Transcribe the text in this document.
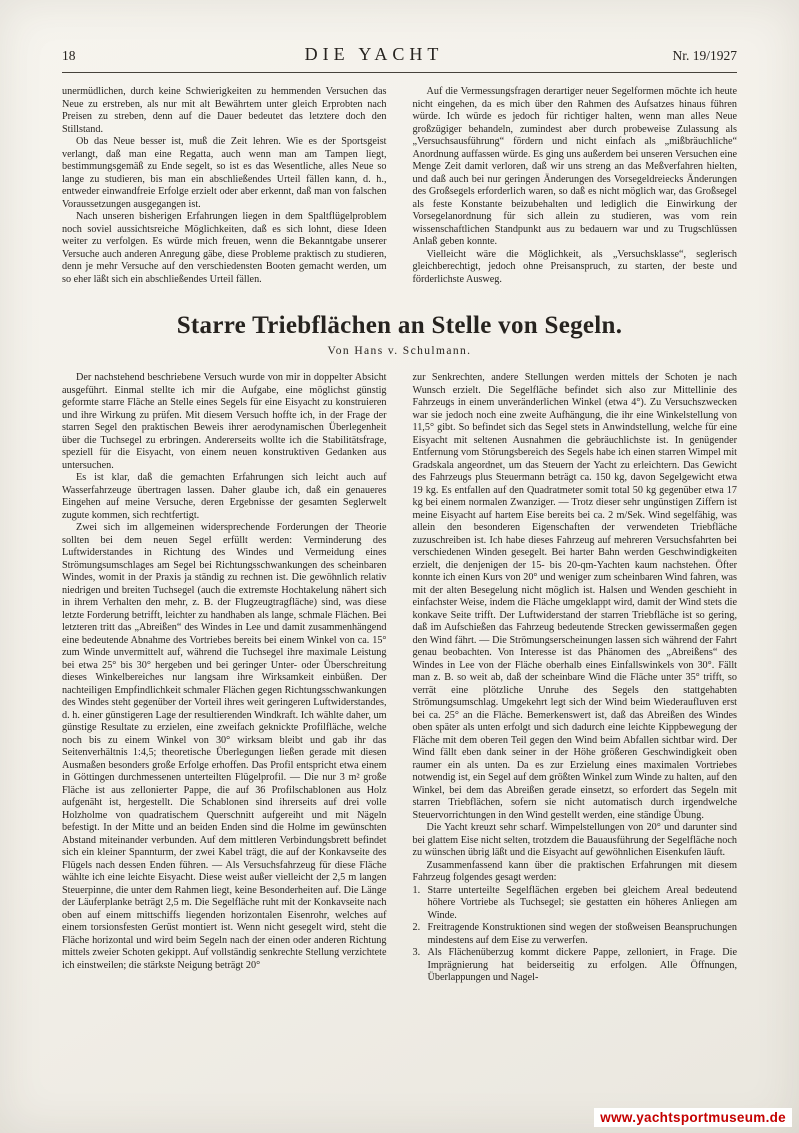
18	DIE YACHT	Nr. 19/1927

unermüdlichen, durch keine Schwierigkeiten zu hemmenden Versuchen das Neue zu erstreben, als nur mit alt Bewährtem unter gleich Erprobten nach Preisen zu streben, denn auf die Dauer bedeutet das letztere doch den Stillstand.

Ob das Neue besser ist, muß die Zeit lehren. Wie es der Sportsgeist verlangt, daß man eine Regatta, auch wenn man am Tampen liegt, bestimmungsgemäß zu Ende segelt, so ist es das Wesentliche, alles Neue so lange zu studieren, bis man ein abschließendes Urteil fällen kann, d. h., entweder einwandfreie Erfolge erzielt oder aber erkennt, daß man von falschen Voraussetzungen ausgegangen ist.

Nach unseren bisherigen Erfahrungen liegen in dem Spaltflügelproblem noch soviel aussichtsreiche Möglichkeiten, daß es sich lohnt, diese Ideen weiter zu verfolgen. Es würde mich freuen, wenn die Bekanntgabe unserer Versuche auch anderen Anregung gäbe, diese Probleme praktisch zu studieren, denn je mehr Versuche auf den verschiedensten Booten gemacht werden, um so eher läßt sich ein abschließendes Urteil fällen.

Auf die Vermessungsfragen derartiger neuer Segelformen möchte ich heute nicht eingehen, da es mich über den Rahmen des Aufsatzes hinaus führen würde. Ich würde es jedoch für richtiger halten, wenn man alles Neue großzügiger behandeln, zumindest aber durch probeweise Zulassung als „Versuchsausführung“ fördern und nicht einfach als „mißbräuchliche“ Anordnung auffassen würde. Es ging uns außerdem bei unseren Versuchen eine Menge Zeit damit verloren, daß wir uns streng an das Meßverfahren hielten, und daß auch bei nur geringen Änderungen des Vorsegeldreiecks Änderungen des Großsegels erforderlich waren, so daß es nicht möglich war, das Großsegel als feste Konstante beizubehalten und lediglich die Einwirkung der Vorsegelanordnung für sich allein zu studieren, was vom rein wissenschaftlichen Standpunkt aus zu bedauern war und zu Trugschlüssen Anlaß geben konnte.

Vielleicht wäre die Möglichkeit, als „Versuchsklasse“, seglerisch gleichberechtigt, jedoch ohne Preisanspruch, zu starten, der beste und förderlichste Ausweg.

Starre Triebflächen an Stelle von Segeln.
Von Hans v. Schulmann.

Der nachstehend beschriebene Versuch wurde von mir in doppelter Absicht ausgeführt. Einmal stellte ich mir die Aufgabe, eine möglichst günstig geformte starre Fläche an Stelle eines Segels für eine Eisyacht zu konstruieren und ihre Wirkung zu prüfen. Mit diesem Versuch hoffte ich, in der Frage der starren Segel den praktischen Beweis ihrer aerodynamischen Überlegenheit über die Tuchsegel zu erbringen. Andererseits wollte ich die Stabilitätsfrage, speziell für die Eisyacht, von einem neuen konstruktiven Gedanken aus untersuchen.

Es ist klar, daß die gemachten Erfahrungen sich leicht auch auf Wasserfahrzeuge übertragen lassen. Daher glaube ich, daß ein genaueres Eingehen auf meine Versuche, deren Ergebnisse der gesamten Seglerwelt zugute kommen, sich rechtfertigt.

Zwei sich im allgemeinen widersprechende Forderungen der Theorie sollten bei dem neuen Segel erfüllt werden: Verminderung des Luftwiderstandes in Richtung des Windes und Vermeidung eines Strömungsumschlages am Segel bei Richtungsschwankungen des scheinbaren Windes, womit in der Praxis ja ständig zu rechnen ist. Die gewöhnlich relativ niedrigen und breiten Tuchsegel (auch die extremste Hochtakelung nähert sich in ihrem Verhalten den mehr, z. B. der Flugzeugtragfläche) sind, was diese letzte Forderung betrifft, leichter zu handhaben als lange, schmale Flächen. Bei letzteren tritt das „Abreißen“ des Windes in Lee und damit zusammenhängend eine bedeutende Abnahme des Vortriebes bereits bei einem Winkel von ca. 15° zum Winde unvermittelt auf, während die Tuchsegel ihre maximale Leistung bei etwa 25° bis 30° hergeben und bei geringer Unter- oder Überschreitung dieses Winkelbereiches nur langsam ihre Wirksamkeit einbüßen. Der nachteiligen Empfindlichkeit schmaler Flächen gegen Richtungsschwankungen des Windes steht gegenüber der Vorteil ihres weit geringeren Luftwiderstandes, d. h. einer günstigeren Lage der resultierenden Windkraft. Ich wählte daher, um günstige Resultate zu erzielen, eine zweifach geknickte Profilfläche, welche noch bis zu einem Winkel von 30° wirksam bleibt und gab ihr das Seitenverhältnis 1:4,5; theoretische Überlegungen ließen gerade mit diesen Ausmaßen besonders große Erfolge erhoffen. Das Profil entspricht etwa einem in Göttingen durchmessenen unterteilten Flügelprofil. — Die nur 3 m² große Fläche ist aus zellonierter Pappe, die auf 36 Profilschablonen aus Holz aufgenäht ist, hergestellt. Die Schablonen sind ihrerseits auf drei volle Holzholme von quadratischem Querschnitt aufgereiht und mit Nägeln befestigt. In der Mitte und an beiden Enden sind die Holme im gewünschten Abstand miteinander verbunden. Auf dem mittleren Verbindungsbrett befindet sich ein kleiner Spannturm, der zwei Kabel trägt, die auf der Konkavseite des Flügels nach dessen Enden führen. — Als Versuchsfahrzeug für diese Fläche wählte ich eine leichte Eisyacht. Diese weist außer vielleicht der 2,5 m langen Steuerpinne, die unter dem Rahmen liegt, keine Besonderheiten auf. Die Länge der Läuferplanke beträgt 2,5 m. Die Segelfläche ruht mit der Konkavseite nach oben auf einem mittschiffs liegenden horizontalen Eisenrohr, welches auf einem torsionsfesten Gerüst montiert ist. Wenn nicht gesegelt wird, steht die Fläche horizontal und wird beim Segeln nach der einen oder anderen Richtung mittels zweier Schoten gekippt. Auf vollständig senkrechte Stellung verzichtete ich einstweilen; die stärkste Neigung beträgt 20°

zur Senkrechten, andere Stellungen werden mittels der Schoten je nach Wunsch erzielt. Die Segelfläche befindet sich also zur Mittellinie des Fahrzeugs in einem unveränderlichen Winkel (etwa 4°). Zu Versuchszwecken war sie jedoch noch eine zweite Aufhängung, die ihr eine Winkelstellung von 11,5° gibt. So befindet sich das Segel stets in Anwindstellung, welche für eine Eisyacht mit seltenen Ausnahmen die gebräuchlichste ist. In genügender Entfernung vom Störungsbereich des Segels habe ich einen starren Wimpel mit Gradskala angeordnet, um das Steuern der Yacht zu erleichtern. Das Gewicht des Fahrzeugs plus Steuermann beträgt ca. 150 kg, davon Segelgewicht etwa 19 kg. Es entfallen auf den Quadratmeter somit total 50 kg gegenüber etwa 17 kg bei einem normalen Zwanziger. — Trotz dieser sehr ungünstigen Ziffern ist meine Eisyacht auf hartem Eise bereits bei ca. 2 m/Sek. Wind segelfähig, was allein den besonderen Eigenschaften der verwendeten Triebfläche zuzuschreiben ist. Ich habe dieses Fahrzeug auf mehreren Versuchsfahrten bei verschiedenen Winden gesegelt. Bei harter Bahn werden Geschwindigkeiten erzielt, die denjenigen der 15- bis 20-qm-Yachten kaum nachstehen. Öfter konnte ich einen Kurs von 20° und weniger zum scheinbaren Wind fahren, was mit der alten Besegelung nicht möglich ist. Halsen und Wenden geschieht in einfachster Weise, indem die Fläche umgeklappt wird, damit der Wind stets die konkave Seite trifft. Der Luftwiderstand der starren Triebfläche ist so gering, daß im Aufschießen das Fahrzeug bedeutende Strecken gewissermaßen gegen den Wind fährt. — Die Strömungserscheinungen lassen sich während der Fahrt genau beobachten. Von Interesse ist das Phänomen des „Abreißens“ des Windes in Lee von der Fläche oberhalb eines Einfallswinkels von 30°. Fällt man z. B. so weit ab, daß der scheinbare Wind die Fläche unter 35° trifft, so verrät eine plötzliche Unruhe des Segels den stattgehabten Strömungsumschlag. Umgekehrt legt sich der Wind beim Wiederaufluven erst bei ca. 25° an die Fläche. Bemerkenswert ist, daß das Abreißen des Windes oben später als unten erfolgt und sich dadurch eine leichte Kippbewegung der Fläche mit dem oberen Teil gegen den Wind beim Abfallen sichtbar wird. Der Wind fällt eben dank seiner in der Höhe größeren Geschwindigkeit oben raumer ein als unten. Da es zur Erzielung eines maximalen Vortriebes notwendig ist, ein Segel auf dem größten Winkel zum Winde zu halten, auf den Winkel, bei dem das Abreißen gerade einsetzt, so erfordert das Segeln mit starren Triebflächen, sofern sie nicht automatisch durch irgendwelche Steuervorrichtungen in den Wind gestellt werden, eine ständige Übung.

Die Yacht kreuzt sehr scharf. Wimpelstellungen von 20° und darunter sind bei glattem Eise nicht selten, trotzdem die Bauausführung der Segelfläche noch zu wünschen übrig läßt und die Eisyacht auf gewöhnlichen Eisenkufen läuft.

Zusammenfassend kann über die praktischen Erfahrungen mit diesem Fahrzeug folgendes gesagt werden:

1. Starre unterteilte Segelflächen ergeben bei gleichem Areal bedeutend höhere Vortriebe als Tuchsegel; sie gestatten ein höheres Anliegen am Winde.
2. Freitragende Konstruktionen sind wegen der stoßweisen Beanspruchungen mindestens auf dem Eise zu verwerfen.
3. Als Flächenüberzug kommt dickere Pappe, zelloniert, in Frage. Die Imprägnierung hat beiderseitig zu erfolgen. Alle Öffnungen, Überlappungen und Nagel-
www.yachtsportmuseum.de
